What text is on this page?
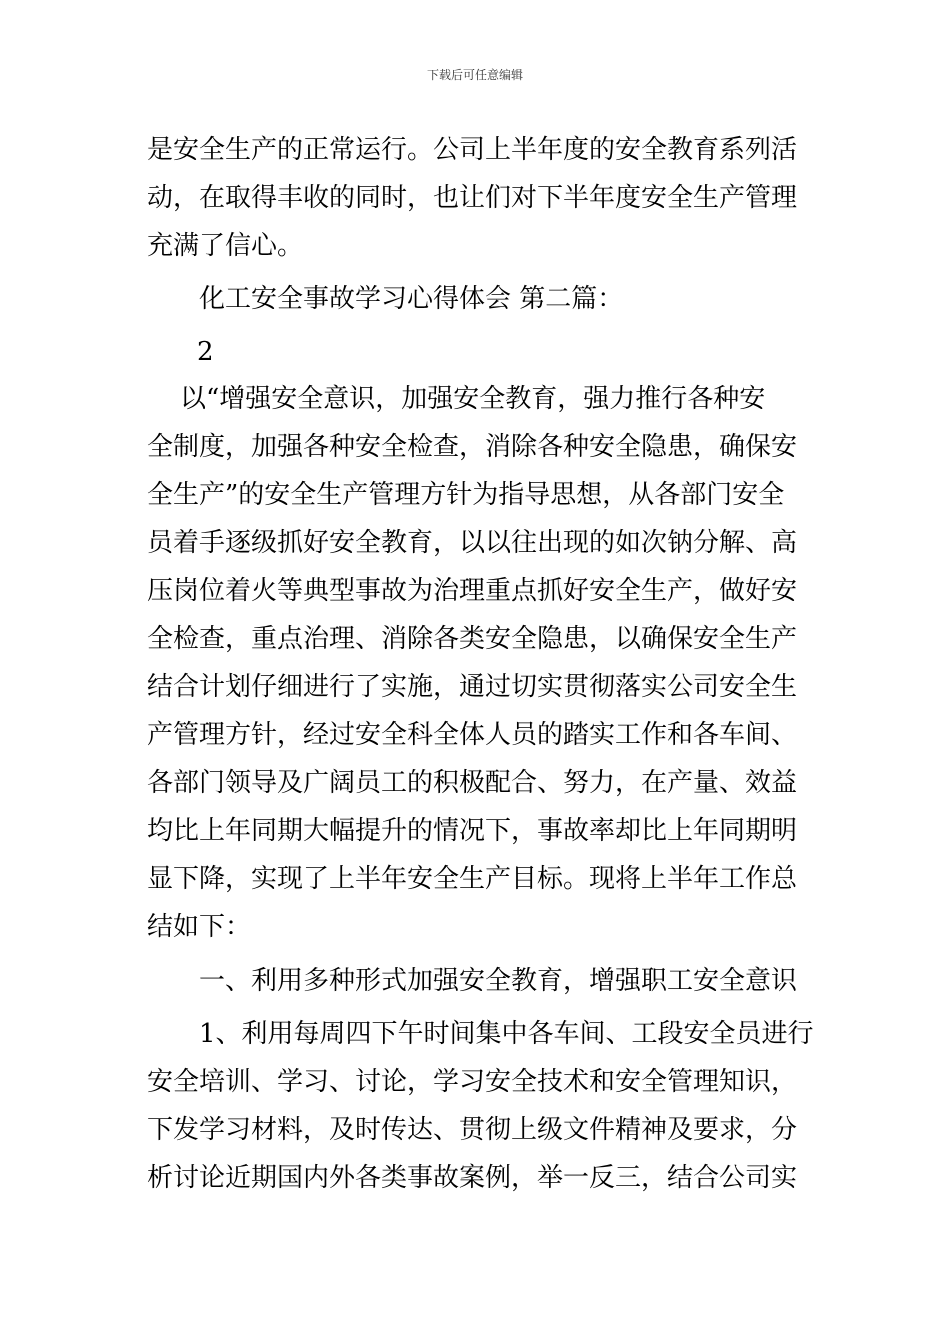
下载后可任意编辑
是安全生产的正常运行。公司上半年度的安全教育系列活
动，在取得丰收的同时，也让们对下半年度安全生产管理
充满了信心。
化工安全事故学习心得体会 第二篇：
2
以“增强安全意识，加强安全教育，强力推行各种安
全制度，加强各种安全检查，消除各种安全隐患，确保安
全生产”的安全生产管理方针为指导思想，从各部门安全
员着手逐级抓好安全教育，以以往出现的如次钠分解、高
压岗位着火等典型事故为治理重点抓好安全生产，做好安
全检查，重点治理、消除各类安全隐患，以确保安全生产
结合计划仔细进行了实施，通过切实贯彻落实公司安全生
产管理方针，经过安全科全体人员的踏实工作和各车间、
各部门领导及广阔员工的积极配合、努力，在产量、效益
均比上年同期大幅提升的情况下，事故率却比上年同期明
显下降，实现了上半年安全生产目标。现将上半年工作总
结如下：
一、利用多种形式加强安全教育，增强职工安全意识
1、利用每周四下午时间集中各车间、工段安全员进行
安全培训、学习、讨论，学习安全技术和安全管理知识，
下发学习材料，及时传达、贯彻上级文件精神及要求，分
析讨论近期国内外各类事故案例，举一反三，结合公司实
